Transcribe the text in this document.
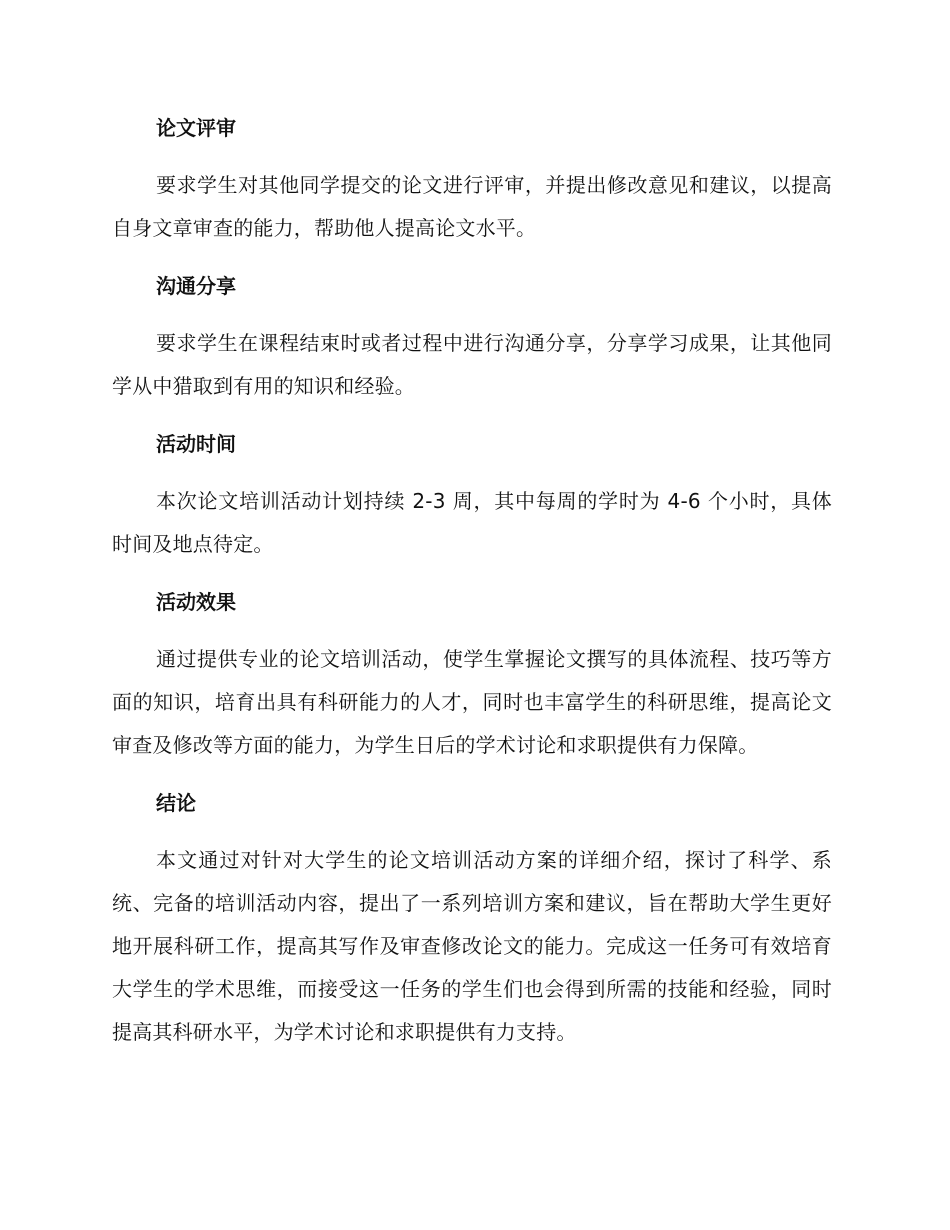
论文评审

要求学生对其他同学提交的论文进行评审，并提出修改意见和建议，以提高自身文章审查的能力，帮助他人提高论文水平。

沟通分享

要求学生在课程结束时或者过程中进行沟通分享，分享学习成果，让其他同学从中猎取到有用的知识和经验。

活动时间

本次论文培训活动计划持续 2-3 周，其中每周的学时为 4-6 个小时，具体时间及地点待定。

活动效果

通过提供专业的论文培训活动，使学生掌握论文撰写的具体流程、技巧等方面的知识，培育出具有科研能力的人才，同时也丰富学生的科研思维，提高论文审查及修改等方面的能力，为学生日后的学术讨论和求职提供有力保障。

结论

本文通过对针对大学生的论文培训活动方案的详细介绍，探讨了科学、系统、完备的培训活动内容，提出了一系列培训方案和建议，旨在帮助大学生更好地开展科研工作，提高其写作及审查修改论文的能力。完成这一任务可有效培育大学生的学术思维，而接受这一任务的学生们也会得到所需的技能和经验，同时提高其科研水平，为学术讨论和求职提供有力支持。
